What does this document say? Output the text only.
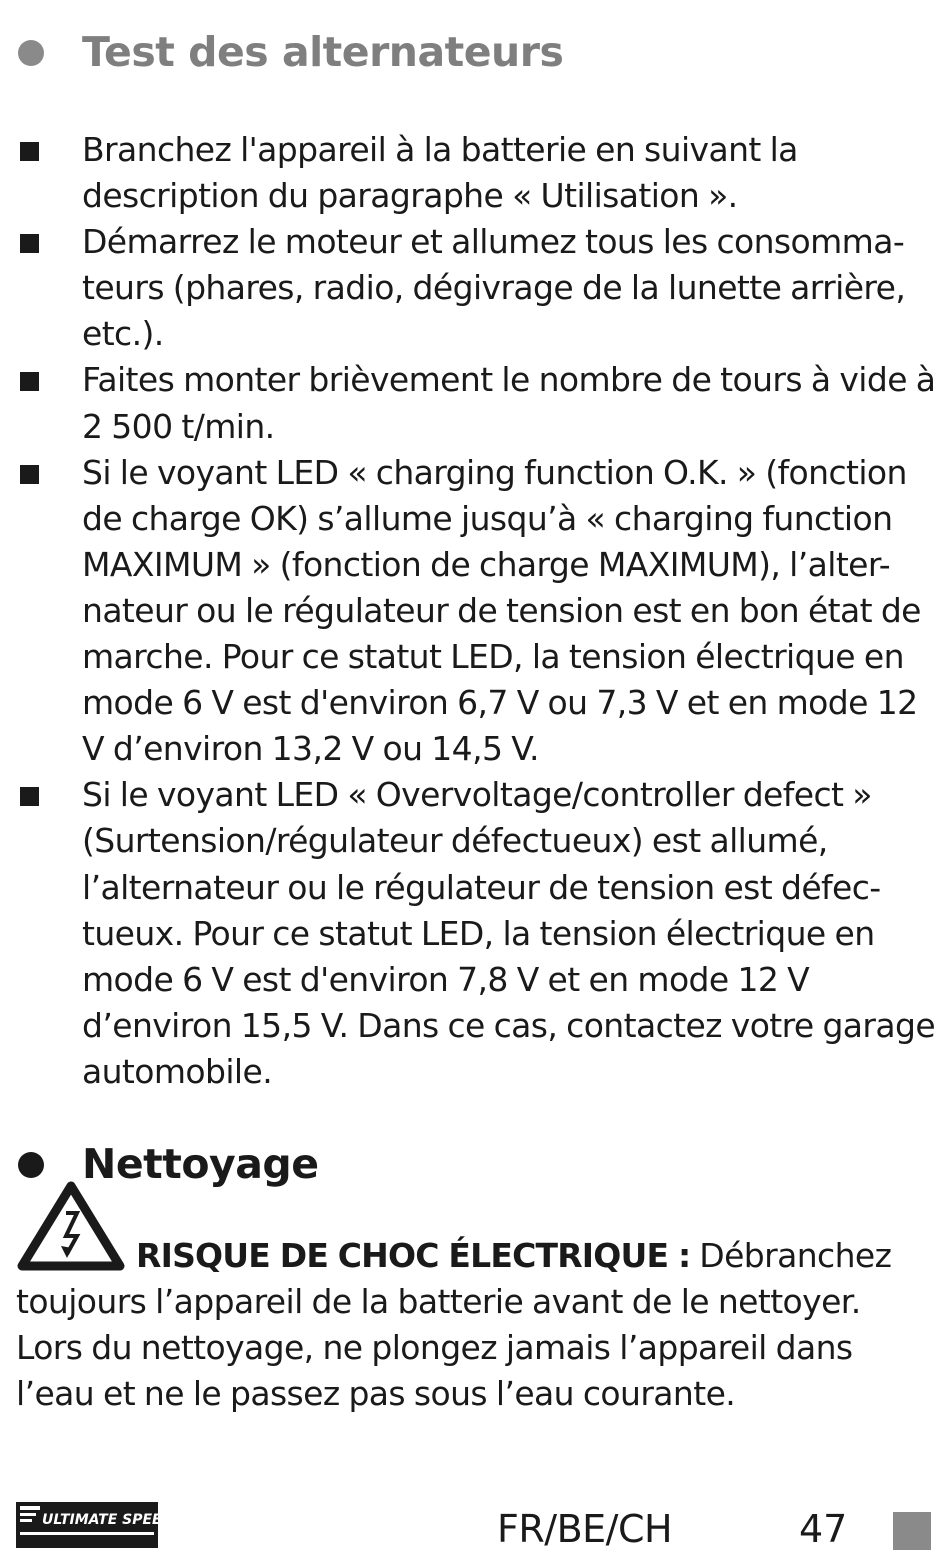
Test des alternateurs
Branchez l'appareil à la batterie en suivant la description du paragraphe « Utilisation ».
Démarrez le moteur et allumez tous les consomma-teurs (phares, radio, dégivrage de la lunette arrière, etc.).
Faites monter brièvement le nombre de tours à vide à 2 500 t/min.
Si le voyant LED « charging function O.K. » (fonction de charge OK) s’allume jusqu’à « charging function MAXIMUM » (fonction de charge MAXIMUM), l’alter-nateur ou le régulateur de tension est en bon état de marche. Pour ce statut LED, la tension électrique en mode 6 V est d'environ 6,7 V ou 7,3 V et en mode 12 V d’environ 13,2 V ou 14,5 V.
Si le voyant LED « Overvoltage/controller defect » (Surtension/régulateur défectueux) est allumé, l’alternateur ou le régulateur de tension est défec-tueux. Pour ce statut LED, la tension électrique en mode 6 V est d'environ 7,8 V et en mode 12 V d’environ 15,5 V. Dans ce cas, contactez votre garage automobile.
Nettoyage

RISQUE DE CHOC ÉLECTRIQUE : Débranchez toujours l’appareil de la batterie avant de le nettoyer. Lors du nettoyage, ne plongez jamais l’appareil dans l’eau et ne le passez pas sous l’eau courante.

ULTIMATE SPEED	FR/BE/CH	47
